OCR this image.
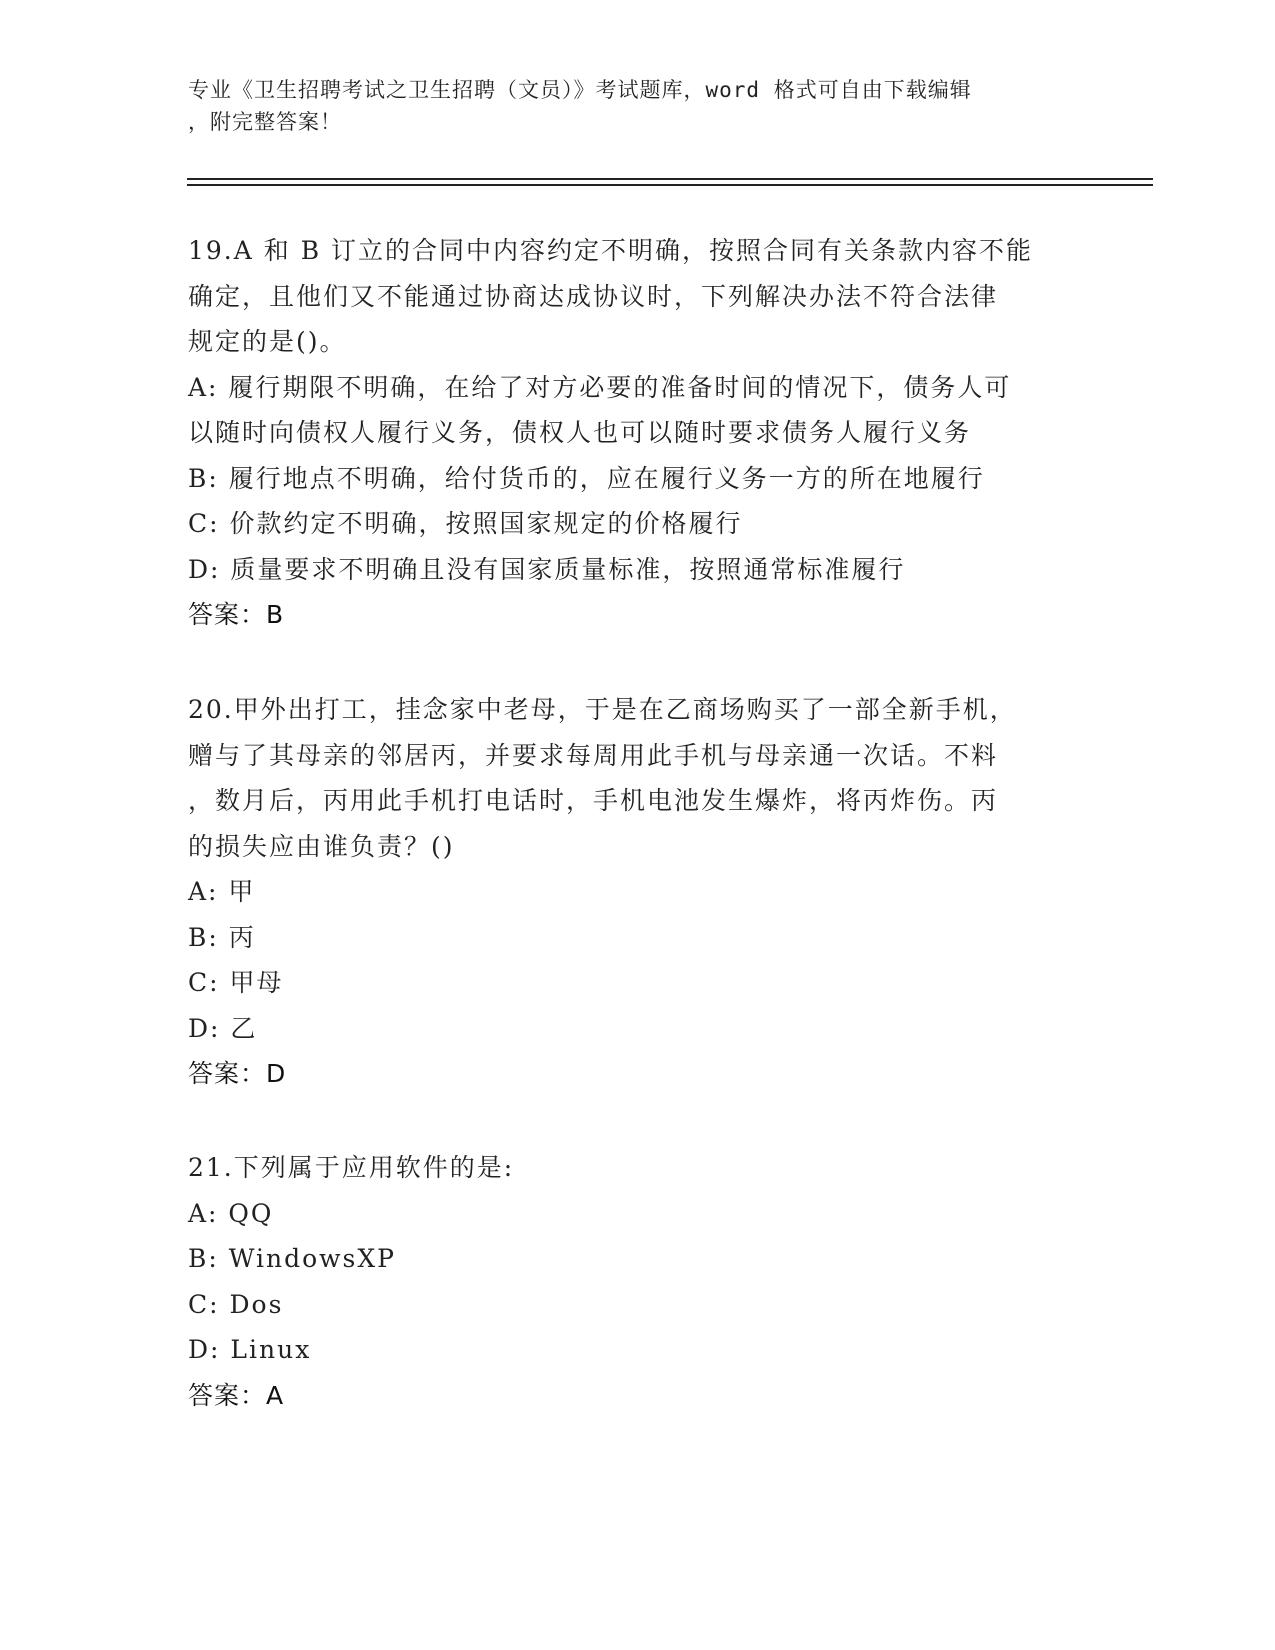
专业《卫生招聘考试之卫生招聘（文员）》考试题库，word 格式可自由下载编辑
，附完整答案！
19.A 和 B 订立的合同中内容约定不明确，按照合同有关条款内容不能
确定，且他们又不能通过协商达成协议时，下列解决办法不符合法律
规定的是()。
A: 履行期限不明确，在给了对方必要的准备时间的情况下，债务人可
以随时向债权人履行义务，债权人也可以随时要求债务人履行义务
B: 履行地点不明确，给付货币的，应在履行义务一方的所在地履行
C: 价款约定不明确，按照国家规定的价格履行
D: 质量要求不明确且没有国家质量标准，按照通常标准履行
答案：B
20.甲外出打工，挂念家中老母，于是在乙商场购买了一部全新手机，
赠与了其母亲的邻居丙，并要求每周用此手机与母亲通一次话。不料
，数月后，丙用此手机打电话时，手机电池发生爆炸，将丙炸伤。丙
的损失应由谁负责？()
A: 甲
B: 丙
C: 甲母
D: 乙
答案：D
21.下列属于应用软件的是:
A: QQ
B: WindowsXP
C: Dos
D: Linux
答案：A
